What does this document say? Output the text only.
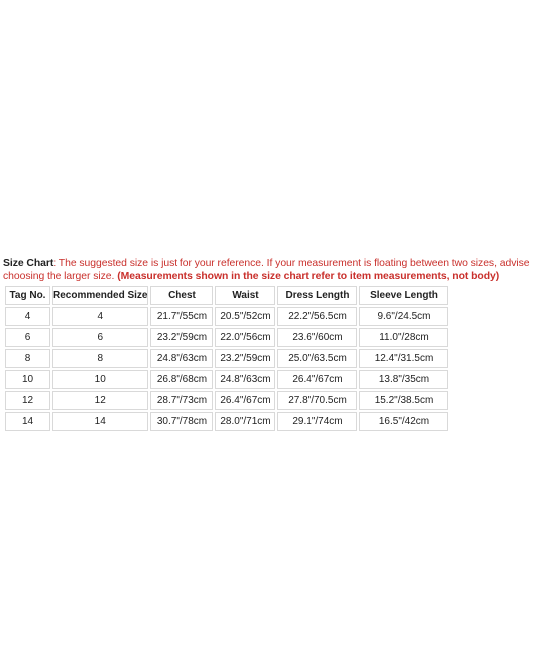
Size Chart: The suggested size is just for your reference. If your measurement is floating between two sizes, advise choosing the larger size. (Measurements shown in the size chart refer to item measurements, not body)

Tag No.	Recommended Size	Chest	Waist	Dress Length	Sleeve Length
4	4	21.7"/55cm	20.5"/52cm	22.2"/56.5cm	9.6"/24.5cm
6	6	23.2"/59cm	22.0"/56cm	23.6"/60cm	11.0"/28cm
8	8	24.8"/63cm	23.2"/59cm	25.0"/63.5cm	12.4"/31.5cm
10	10	26.8"/68cm	24.8"/63cm	26.4"/67cm	13.8"/35cm
12	12	28.7"/73cm	26.4"/67cm	27.8"/70.5cm	15.2"/38.5cm
14	14	30.7"/78cm	28.0"/71cm	29.1"/74cm	16.5"/42cm
